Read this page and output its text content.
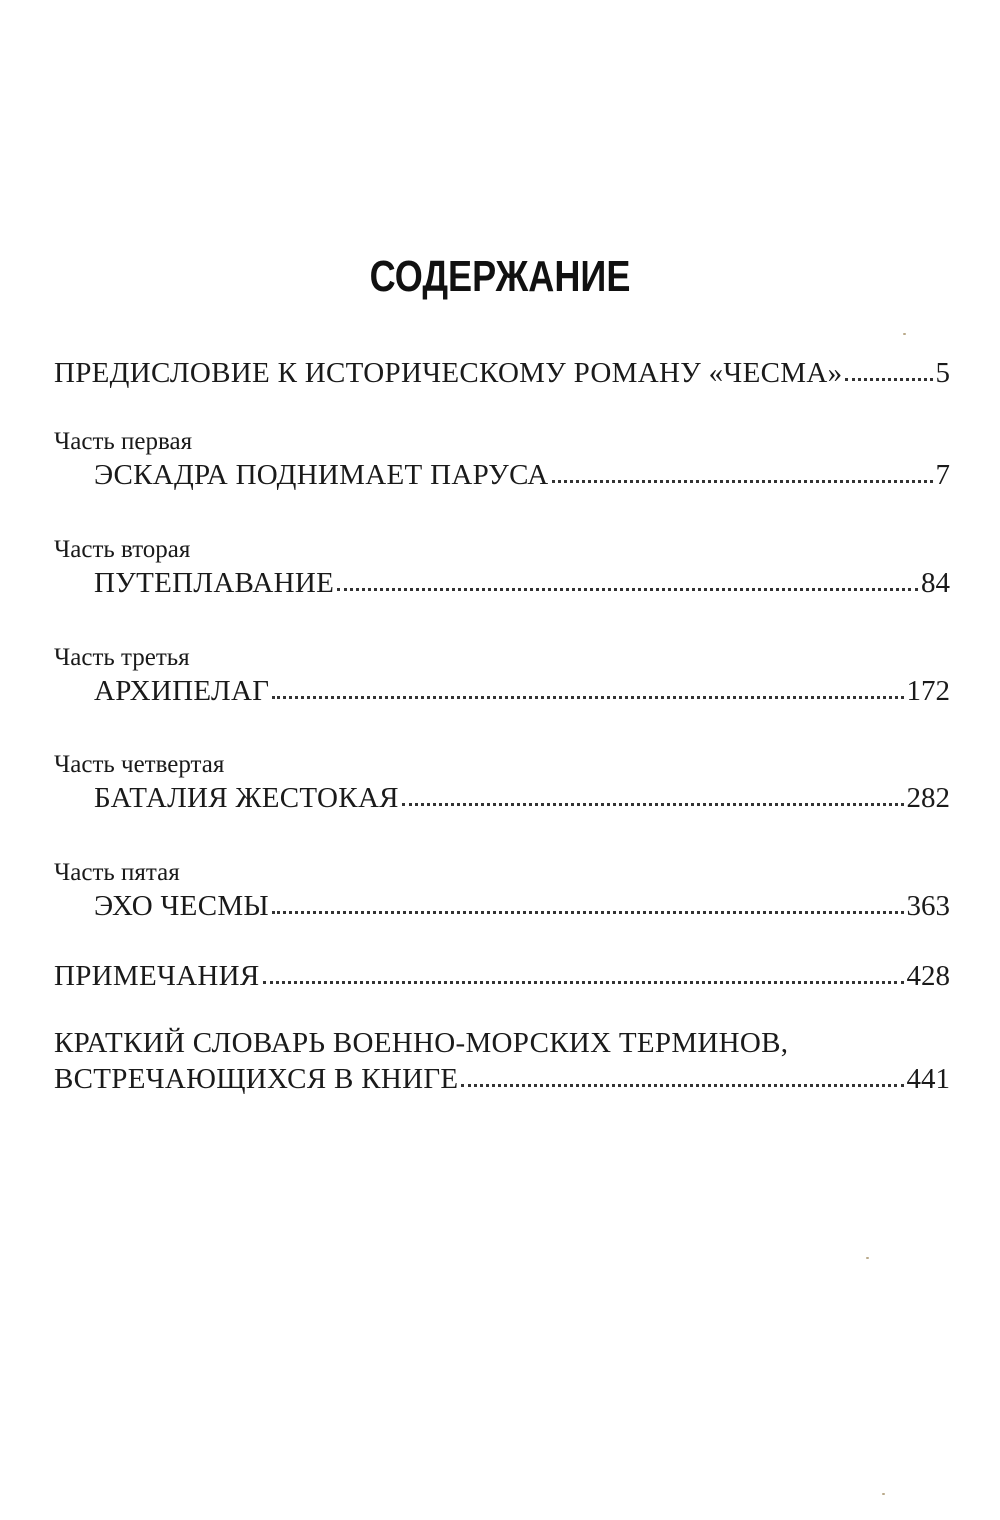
СОДЕРЖАНИЕ
ПРЕДИСЛОВИЕ К ИСТОРИЧЕСКОМУ РОМАНУ «ЧЕСМА»	5
Часть первая
ЭСКАДРА ПОДНИМАЕТ ПАРУСА	7
Часть вторая
ПУТЕПЛАВАНИЕ	84
Часть третья
АРХИПЕЛАГ	172
Часть четвертая
БАТАЛИЯ ЖЕСТОКАЯ	282
Часть пятая
ЭХО ЧЕСМЫ	363
ПРИМЕЧАНИЯ	428
КРАТКИЙ СЛОВАРЬ ВОЕННО-МОРСКИХ ТЕРМИНОВ,
ВСТРЕЧАЮЩИХСЯ В КНИГЕ	441
